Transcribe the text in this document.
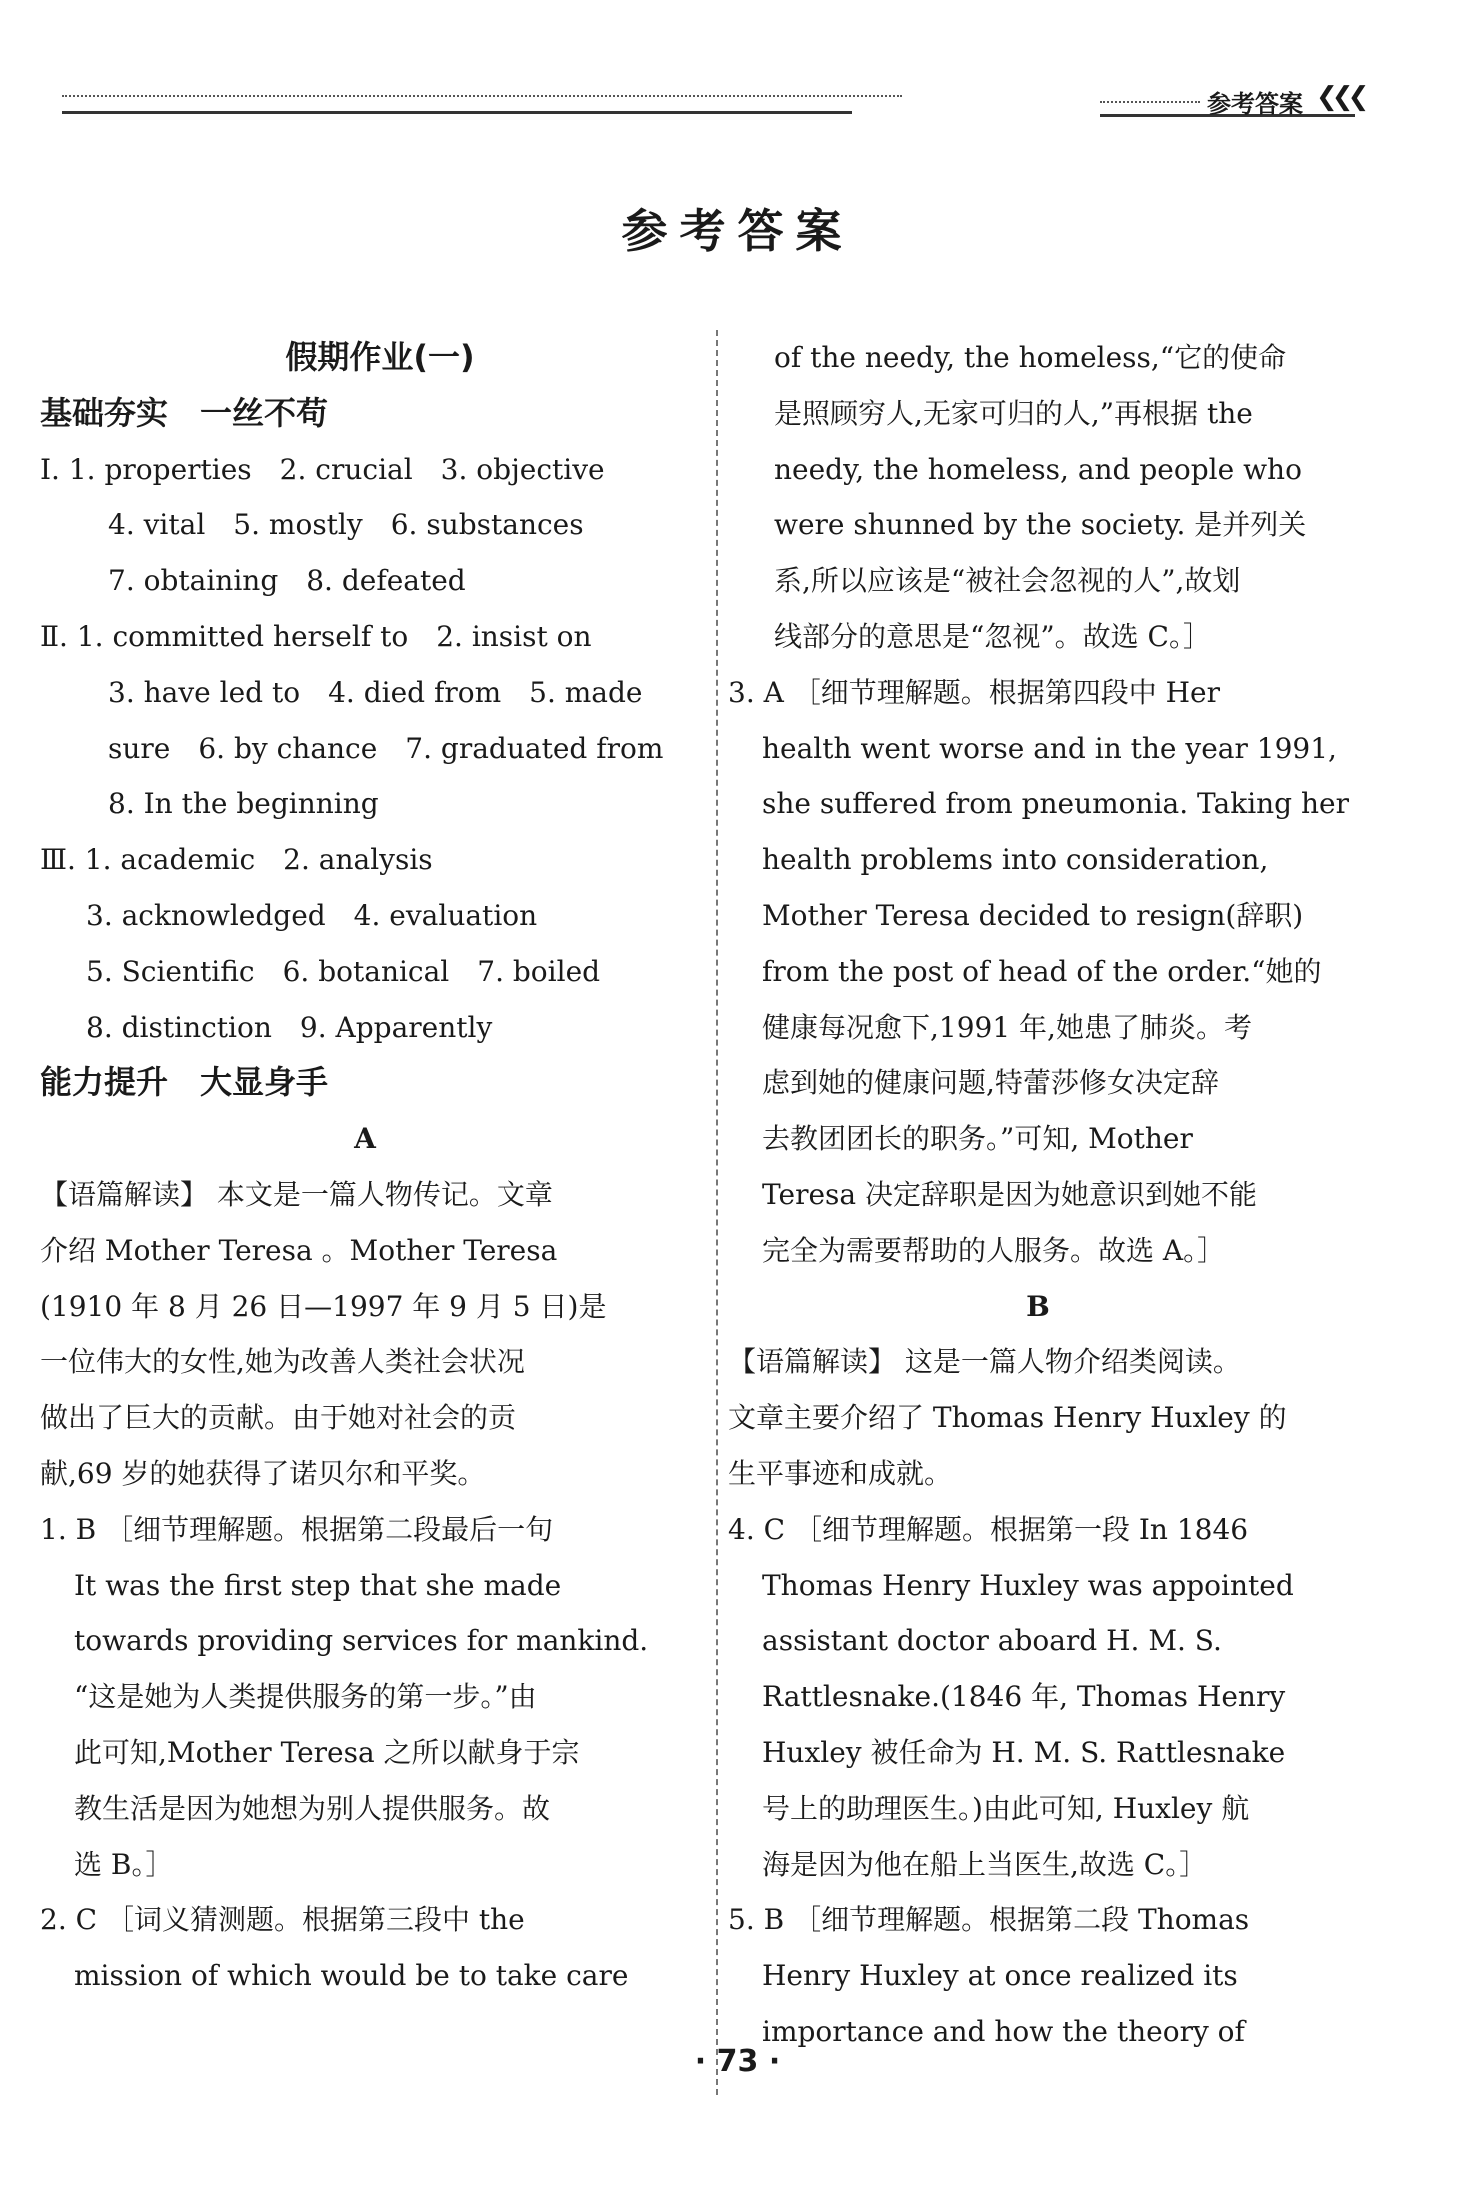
参考答案 ❮❮❮
参考答案
假期作业(一)
基础夯实　一丝不苟
Ⅰ. 1. properties　2. crucial　3. objective
4. vital　5. mostly　6. substances
7. obtaining　8. defeated
Ⅱ. 1. committed herself to　2. insist on
3. have led to　4. died from　5. made
sure　6. by chance　7. graduated from
8. In the beginning
Ⅲ. 1. academic　2. analysis
3. acknowledged　4. evaluation
5. Scientific　6. botanical　7. boiled
8. distinction　9. Apparently
能力提升　大显身手
A
【语篇解读】 本文是一篇人物传记。文章
介绍 Mother Teresa 。Mother Teresa
(1910 年 8 月 26 日—1997 年 9 月 5 日)是
一位伟大的女性,她为改善人类社会状况
做出了巨大的贡献。由于她对社会的贡
献,69 岁的她获得了诺贝尔和平奖。
1. B ［细节理解题。根据第二段最后一句
It was the first step that she made
towards providing services for mankind.
“这是她为人类提供服务的第一步。”由
此可知,Mother Teresa 之所以献身于宗
教生活是因为她想为别人提供服务。故
选 B。］
2. C ［词义猜测题。根据第三段中 the
mission of which would be to take care
of the needy, the homeless,“它的使命
是照顾穷人,无家可归的人,”再根据 the
needy, the homeless, and people who
were shunned by the society. 是并列关
系,所以应该是“被社会忽视的人”,故划
线部分的意思是“忽视”。故选 C。］
3. A ［细节理解题。根据第四段中 Her
health went worse and in the year 1991,
she suffered from pneumonia. Taking her
health problems into consideration,
Mother Teresa decided to resign(辞职)
from the post of head of the order.“她的
健康每况愈下,1991 年,她患了肺炎。考
虑到她的健康问题,特蕾莎修女决定辞
去教团团长的职务。”可知, Mother
Teresa 决定辞职是因为她意识到她不能
完全为需要帮助的人服务。故选 A。］
B
【语篇解读】 这是一篇人物介绍类阅读。
文章主要介绍了 Thomas Henry Huxley 的
生平事迹和成就。
4. C ［细节理解题。根据第一段 In 1846
Thomas Henry Huxley was appointed
assistant doctor aboard H. M. S.
Rattlesnake.(1846 年, Thomas Henry
Huxley 被任命为 H. M. S. Rattlesnake
号上的助理医生。)由此可知, Huxley 航
海是因为他在船上当医生,故选 C。］
5. B ［细节理解题。根据第二段 Thomas
Henry Huxley at once realized its
importance and how the theory of
· 73 ·
